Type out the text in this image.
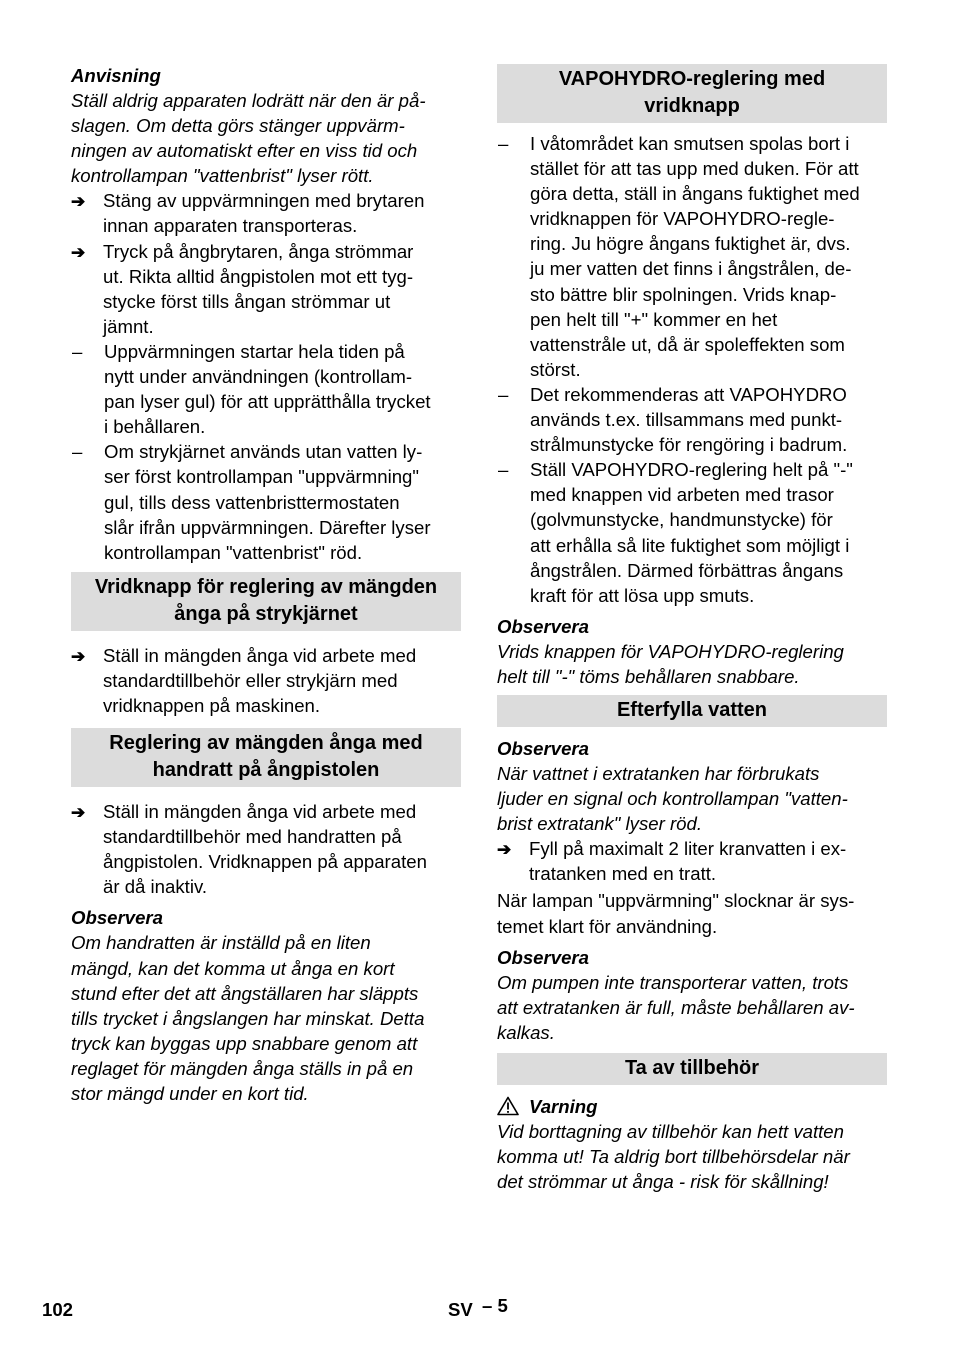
Anvisning

Ställ aldrig apparaten lodrätt när den är på-

slagen. Om detta görs stänger uppvärm-

ningen av automatiskt efter en viss tid och

kontrollampan "vattenbrist" lyser rött.

➔ Stäng av uppvärmningen med brytaren

innan apparaten transporteras.

➔ Tryck på ångbrytaren, ånga strömmar

ut. Rikta alltid ångpistolen mot ett tyg-

stycke först tills ångan strömmar ut

jämnt.

–	Uppvärmningen startar hela tiden på

nytt under användningen (kontrollam-

pan lyser gul) för att upprätthålla trycket

i behållaren.

–	Om strykjärnet används utan vatten ly-

ser först kontrollampan "uppvärmning"

gul, tills dess vattenbristtermostaten

slår ifrån uppvärmningen. Därefter lyser

kontrollampan "vattenbrist" röd.

Vridknapp för reglering av mängden
ånga på strykjärnet
➔ Ställ in mängden ånga vid arbete med

standardtillbehör eller strykjärn med

vridknappen på maskinen.

Reglering av mängden ånga med
handratt på ångpistolen
➔ Ställ in mängden ånga vid arbete med

standardtillbehör med handratten på

ångpistolen. Vridknappen på apparaten

är då inaktiv.

Observera

Om handratten är inställd på en liten

mängd, kan det komma ut ånga en kort

stund efter det att ångställaren har släppts

tills trycket i ångslangen har minskat. Detta

tryck kan byggas upp snabbare genom att

reglaget för mängden ånga ställs in på en

stor mängd under en kort tid.

VAPOHYDRO-reglering med
vridknapp
–	I våtområdet kan smutsen spolas bort i

stället för att tas upp med duken. För att

göra detta, ställ in ångans fuktighet med

vridknappen för VAPOHYDRO-regle-

ring. Ju högre ångans fuktighet är, dvs.

ju mer vatten det finns i ångstrålen, de-

sto bättre blir spolningen. Vrids knap-

pen helt till "+" kommer en het

vattenstråle ut, då är spoleffekten som

störst.

–	Det rekommenderas att VAPOHYDRO

används t.ex. tillsammans med punkt-

strålmunstycke för rengöring i badrum.

–	Ställ VAPOHYDRO-reglering helt på "-"

med knappen vid arbeten med trasor

(golvmunstycke, handmunstycke) för

att erhålla så lite fuktighet som möjligt i

ångstrålen. Därmed förbättras ångans

kraft för att lösa upp smuts.

Observera

Vrids knappen för VAPOHYDRO-reglering

helt till "-" töms behållaren snabbare.

Efterfylla vatten

Observera

När vattnet i extratanken har förbrukats

ljuder en signal och kontrollampan "vatten-

brist extratank" lyser röd.

➔ Fyll på maximalt 2 liter kranvatten i ex-

tratanken med en tratt.

När lampan "uppvärmning" slocknar är sys-

temet klart för användning.

Observera

Om pumpen inte transporterar vatten, trots

att extratanken är full, måste behållaren av-

kalkas.

Ta av tillbehör
Varning

Vid borttagning av tillbehör kan hett vatten

komma ut! Ta aldrig bort tillbehörsdelar när

det strömmar ut ånga - risk för skållning!

102	SV – 5
